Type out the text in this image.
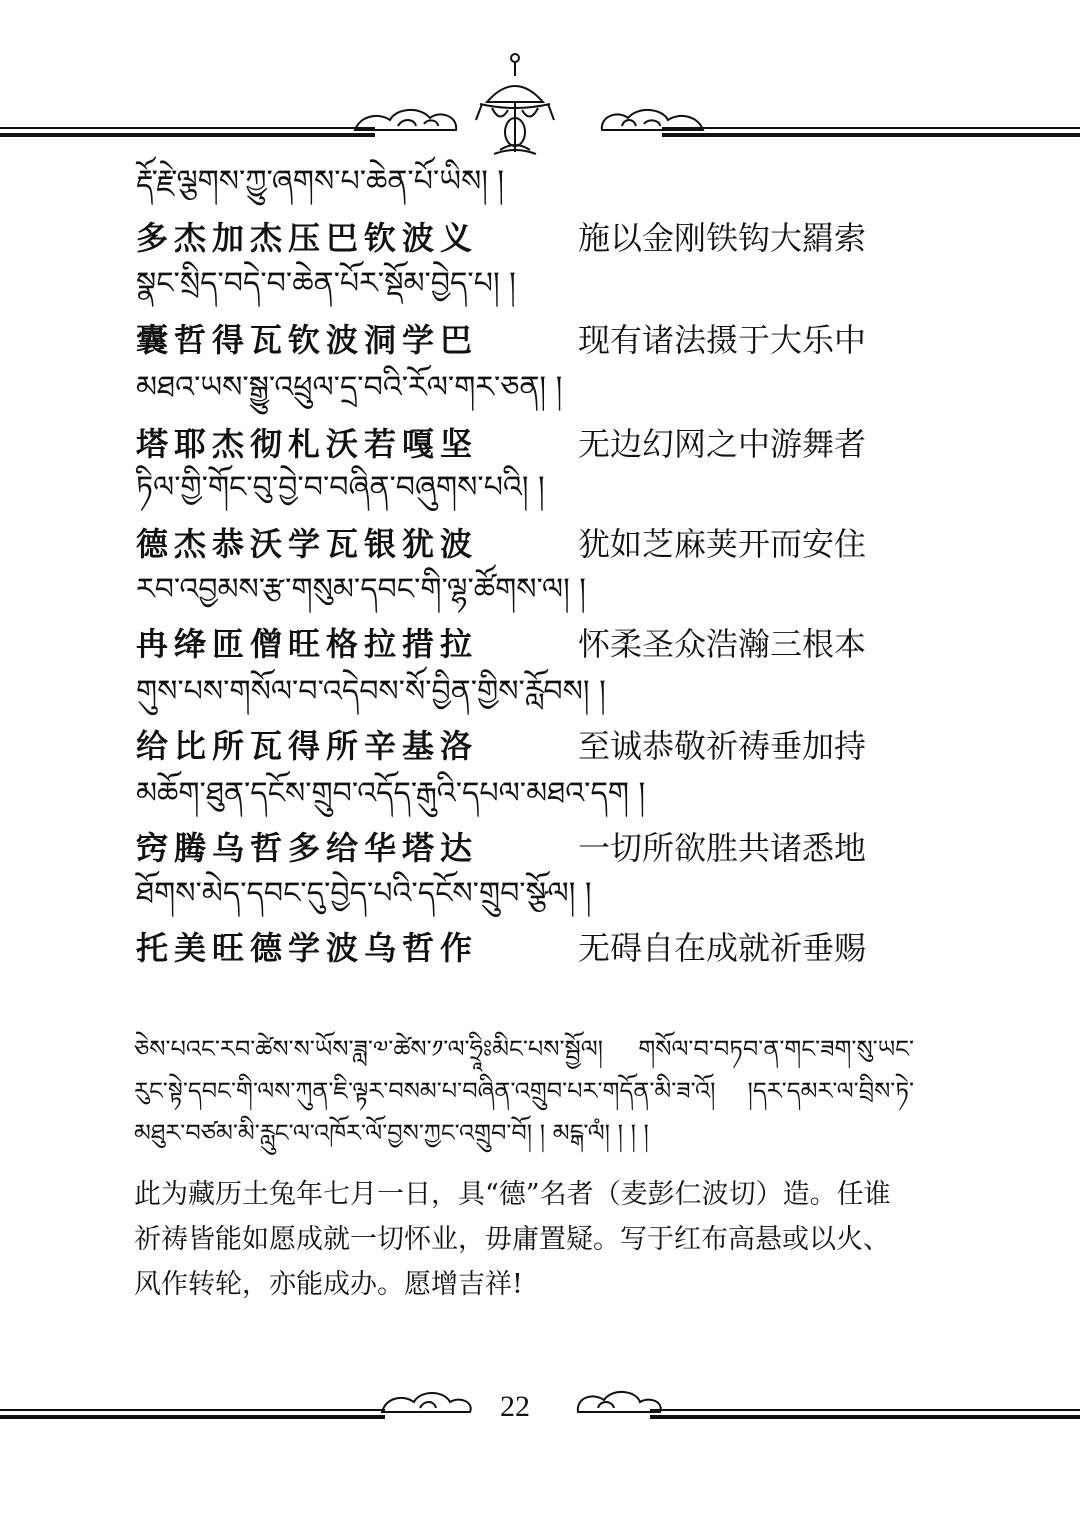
རྡོ་རྗེ་ལྕགས་ཀྱུ་ཞགས་པ་ཆེན་པོ་ཡིས། །
多杰加杰压巴钦波义	施以金刚铁钩大羂索
སྣང་སྲིད་བདེ་བ་ཆེན་པོར་སྡོམ་བྱེད་པ། །
囊哲得瓦钦波洞学巴	现有诸法摄于大乐中
མཐའ་ཡས་སྒྱུ་འཕྲུལ་དྲ་བའི་རོལ་གར་ཅན། །
塔耶杰彻札沃若嘎坚	无边幻网之中游舞者
ཏིལ་གྱི་གོང་བུ་བྱེ་བ་བཞིན་བཞུགས་པའི། །
德杰恭沃学瓦银犹波	犹如芝麻荚开而安住
རབ་འབྱམས་རྩ་གསུམ་དབང་གི་ལྷ་ཚོགས་ལ། །
冉绛匝僧旺格拉措拉	怀柔圣众浩瀚三根本
གུས་པས་གསོལ་བ་འདེབས་སོ་བྱིན་གྱིས་རློབས། །
给比所瓦得所辛基洛	至诚恭敬祈祷垂加持
མཆོག་ཐུན་དངོས་གྲུབ་འདོད་རྒུའི་དཔལ་མཐའ་དག །
窍腾乌哲多给华塔达	一切所欲胜共诸悉地
ཐོགས་མེད་དབང་དུ་བྱེད་པའི་དངོས་གྲུབ་སྩོལ། །
托美旺德学波乌哲作	无碍自在成就祈垂赐
ཅེས་པའང་རབ་ཚེས་ས་ཡོས་ཟླ་༧་ཚེས་༡་ལ་ཧྲཱིཿམིང་པས་སྦྱོལ། གསོལ་བ་བཏབ་ན་གང་ཟག་སུ་ཡང་རུང་སྟེ་དབང་གི་ལས་ཀུན་ཇི་ལྟར་བསམ་པ་བཞིན་འགྲུབ་པར་གདོན་མི་ཟ་འོ། །དར་དམར་ལ་བྲིས་ཏེ་མཐུར་བཙམ་མི་རླུང་ལ་འཁོར་ལོ་བྱས་ཀྱང་འགྲུབ་བོ། ། མངྒ་ལཾ། ། ། །
此为藏历土兔年七月一日，具“德”名者（麦彭仁波切）造。任谁祈祷皆能如愿成就一切怀业，毋庸置疑。写于红布高悬或以火、风作转轮，亦能成办。愿增吉祥!
22
